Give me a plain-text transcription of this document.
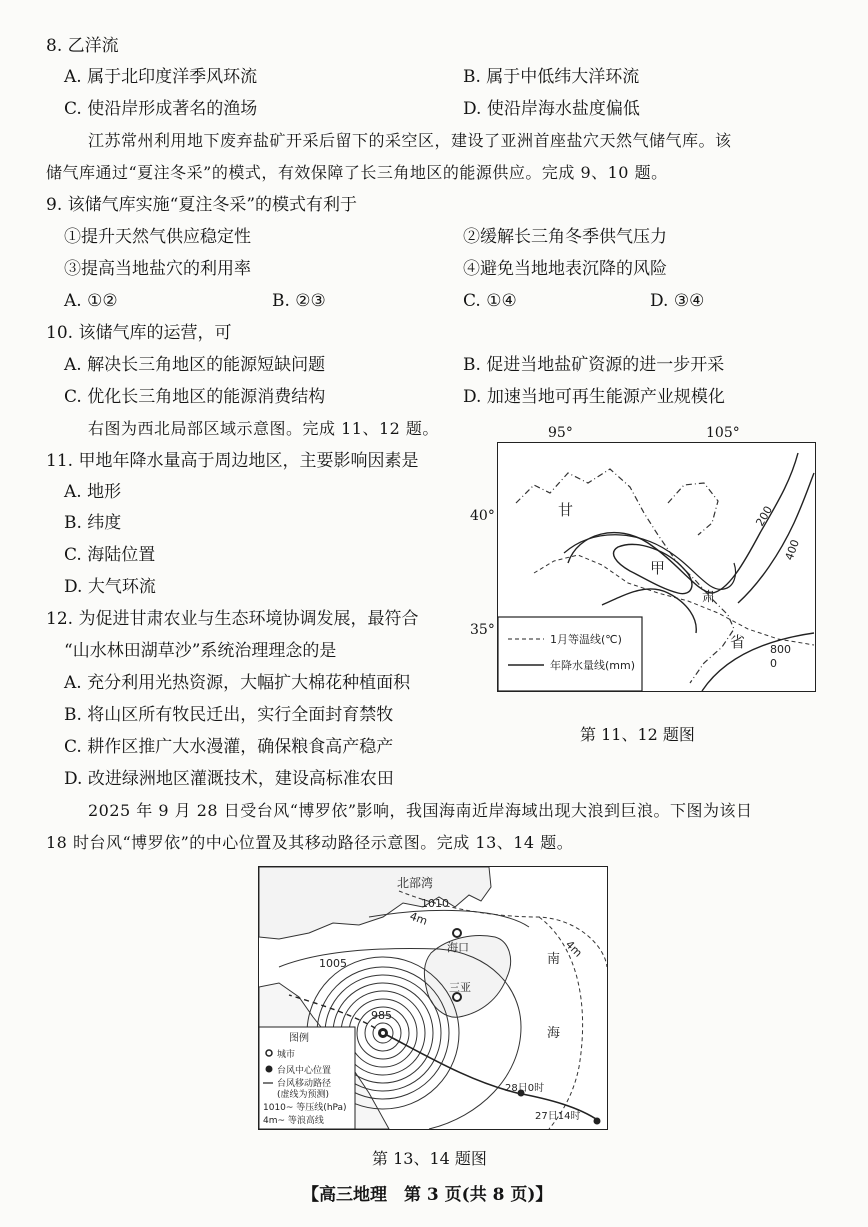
8. 乙洋流
A. 属于北印度洋季风环流	B. 属于中低纬大洋环流
C. 使沿岸形成著名的渔场	D. 使沿岸海水盐度偏低
江苏常州利用地下废弃盐矿开采后留下的采空区，建设了亚洲首座盐穴天然气储气库。该
储气库通过“夏注冬采”的模式，有效保障了长三角地区的能源供应。完成 9、10 题。
9. 该储气库实施“夏注冬采”的模式有利于
①提升天然气供应稳定性	②缓解长三角冬季供气压力
③提高当地盐穴的利用率	④避免当地地表沉降的风险
A. ①②	B. ②③	C. ①④	D. ③④
10. 该储气库的运营，可
A. 解决长三角地区的能源短缺问题	B. 促进当地盐矿资源的进一步开采
C. 优化长三角地区的能源消费结构	D. 加速当地可再生能源产业规模化
右图为西北局部区域示意图。完成 11、12 题。
11. 甲地年降水量高于周边地区，主要影响因素是
A. 地形
B. 纬度
C. 海陆位置
D. 大气环流
12. 为促进甘肃农业与生态环境协调发展，最符合
“山水林田湖草沙”系统治理理念的是
A. 充分利用光热资源，大幅扩大棉花种植面积
B. 将山区所有牧民迁出，实行全面封育禁牧
C. 耕作区推广大水漫灌，确保粮食高产稳产
D. 改进绿洲地区灌溉技术，建设高标准农田
95°	105°
40°
35°
甘
甲
肃
省
200
400
800
0
1月等温线(℃)
年降水量线(mm)
第 11、12 题图
2025 年 9 月 28 日受台风“博罗依”影响，我国海南近岸海域出现大浪到巨浪。下图为该日
18 时台风“博罗依”的中心位置及其移动路径示意图。完成 13、14 题。
北部湾
1010
1005
985
4m
4m
海口
三亚
南
海
28日0时
27日14时
图例
城市
台风中心位置
台风移动路径
(虚线为预测)
1010~ 等压线(hPa)
4m~ 等浪高线
第 13、14 题图
【高三地理　第 3 页(共 8 页)】
